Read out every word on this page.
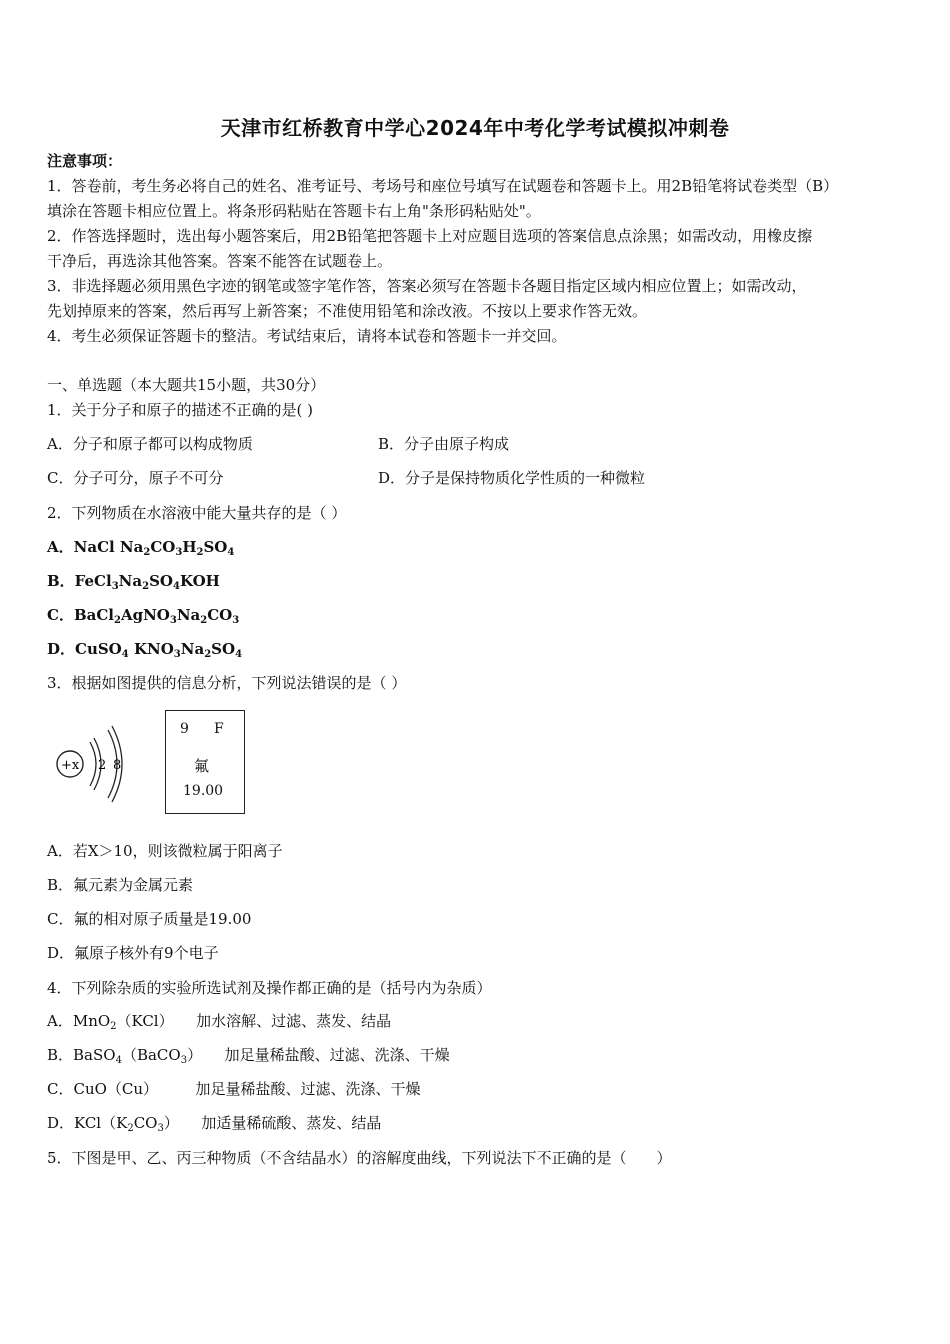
天津市红桥教育中学心2024年中考化学考试模拟冲刺卷
注意事项：
1．答卷前，考生务必将自己的姓名、准考证号、考场号和座位号填写在试题卷和答题卡上。用2B铅笔将试卷类型（B）
填涂在答题卡相应位置上。将条形码粘贴在答题卡右上角"条形码粘贴处"。
2．作答选择题时，选出每小题答案后，用2B铅笔把答题卡上对应题目选项的答案信息点涂黑；如需改动，用橡皮擦
干净后，再选涂其他答案。答案不能答在试题卷上。
3．非选择题必须用黑色字迹的钢笔或签字笔作答，答案必须写在答题卡各题目指定区域内相应位置上；如需改动，
先划掉原来的答案，然后再写上新答案；不准使用铅笔和涂改液。不按以上要求作答无效。
4．考生必须保证答题卡的整洁。考试结束后，请将本试卷和答题卡一并交回。
一、单选题（本大题共15小题，共30分）
1．关于分子和原子的描述不正确的是( )
A．分子和原子都可以构成物质	B．分子由原子构成
C．分子可分，原子不可分	D．分子是保持物质化学性质的一种微粒
2．下列物质在水溶液中能大量共存的是（ ）
A．NaCl $Na_2CO_3H_2SO_4$
B．$FeCl_3Na_2SO_4KOH$
C．$BaCl_2AgNO_3Na_2CO_3$
D．CuSO$_4$ $KNO_3Na_2SO_4$
3．根据如图提供的信息分析，下列说法错误的是（ ）
+x 2 8
9 F
氟
19.00
A．若X＞10，则该微粒属于阳离子
B．氟元素为金属元素
C．氟的相对原子质量是19.00
D．氟原子核外有9个电子
4．下列除杂质的实验所选试剂及操作都正确的是（括号内为杂质）
A．MnO$_2$（KCl）　　加水溶解、过滤、蒸发、结晶
B．BaSO$_4$（BaCO$_3$）　　加足量稀盐酸、过滤、洗涤、干燥
C．CuO（Cu）　　　加足量稀盐酸、过滤、洗涤、干燥
D．$KCl(K_2CO_3)$　　加适量稀硫酸、蒸发、结晶
5．下图是甲、乙、丙三种物质（不含结晶水）的溶解度曲线，下列说法下不正确的是（　　）
